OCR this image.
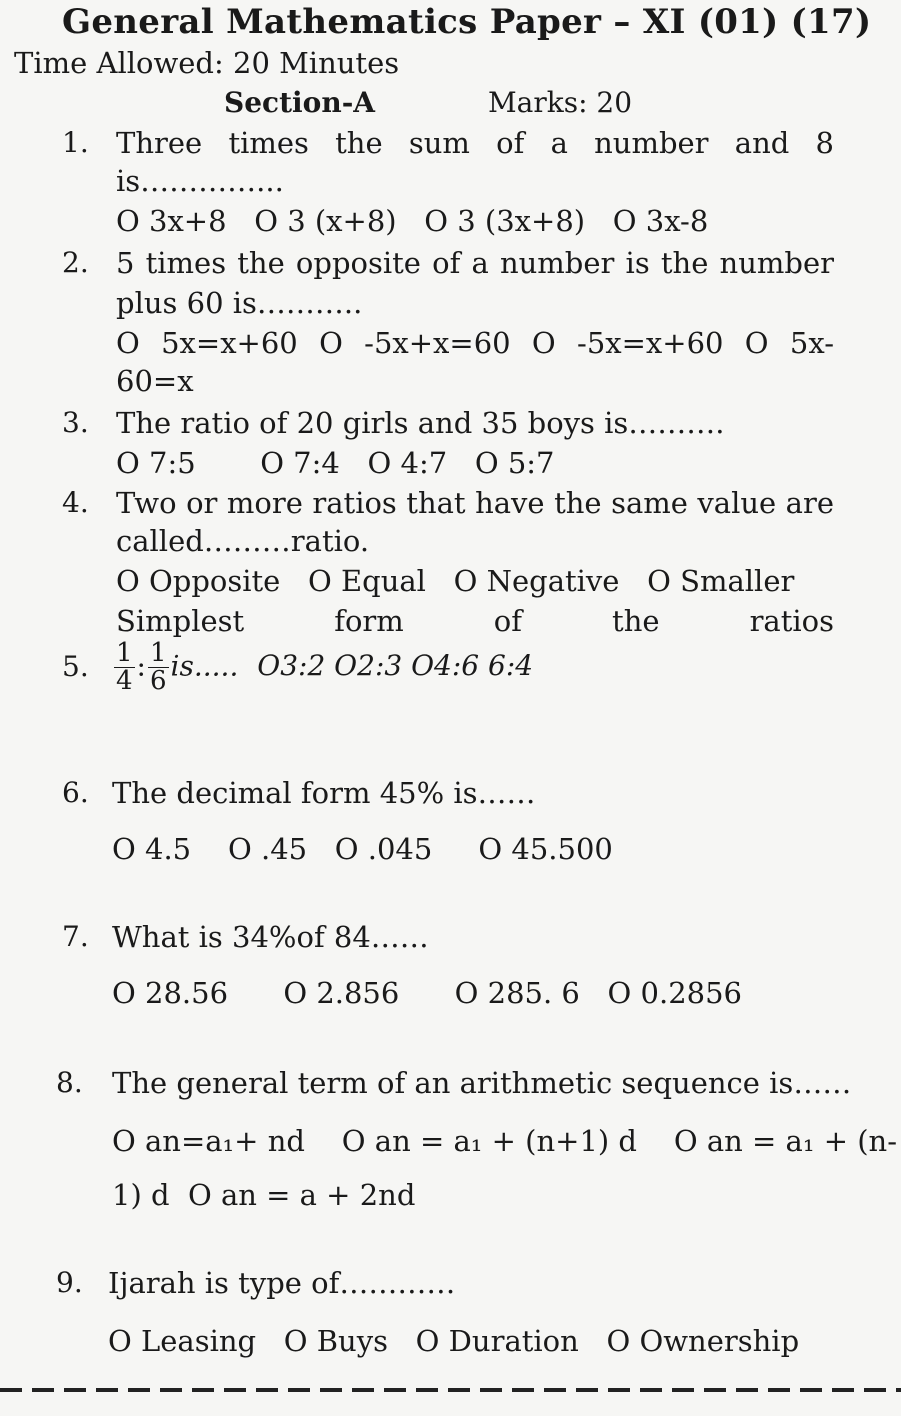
General Mathematics Paper – XI (01) (17)
Time Allowed: 20 Minutes
Section-A	Marks: 20
1. Three times the sum of a number and 8
is…………...
O 3x+8   O 3 (x+8)   O 3 (3x+8)   O 3x-8
2. 5 times the opposite of a number is the number
plus 60 is………..
O 5x=x+60 O -5x+x=60 O -5x=x+60 O 5x-
60=x
3. The ratio of 20 girls and 35 boys is……….
O 7:5       O 7:4   O 4:7   O 5:7
4. Two or more ratios that have the same value are
called………ratio.
O Opposite   O Equal   O Negative   O Smaller
Simplest form of the ratios
5. $\frac{1}{4}$ : $\frac{1}{6}$ is..... O3:2 O2:3 O4:6 6:4
6. The decimal form 45% is……
O 4.5    O .45   O .045     O 45.500
7. What is 34%of 84……
O 28.56      O 2.856      O 285. 6   O 0.2856
8. The general term of an arithmetic sequence is……
O an=a₁+ nd    O an = a₁ + (n+1) d    O an = a₁ + (n-
1) d  O an = a + 2nd
9. Ijarah is type of…………
O Leasing   O Buys   O Duration   O Ownership
